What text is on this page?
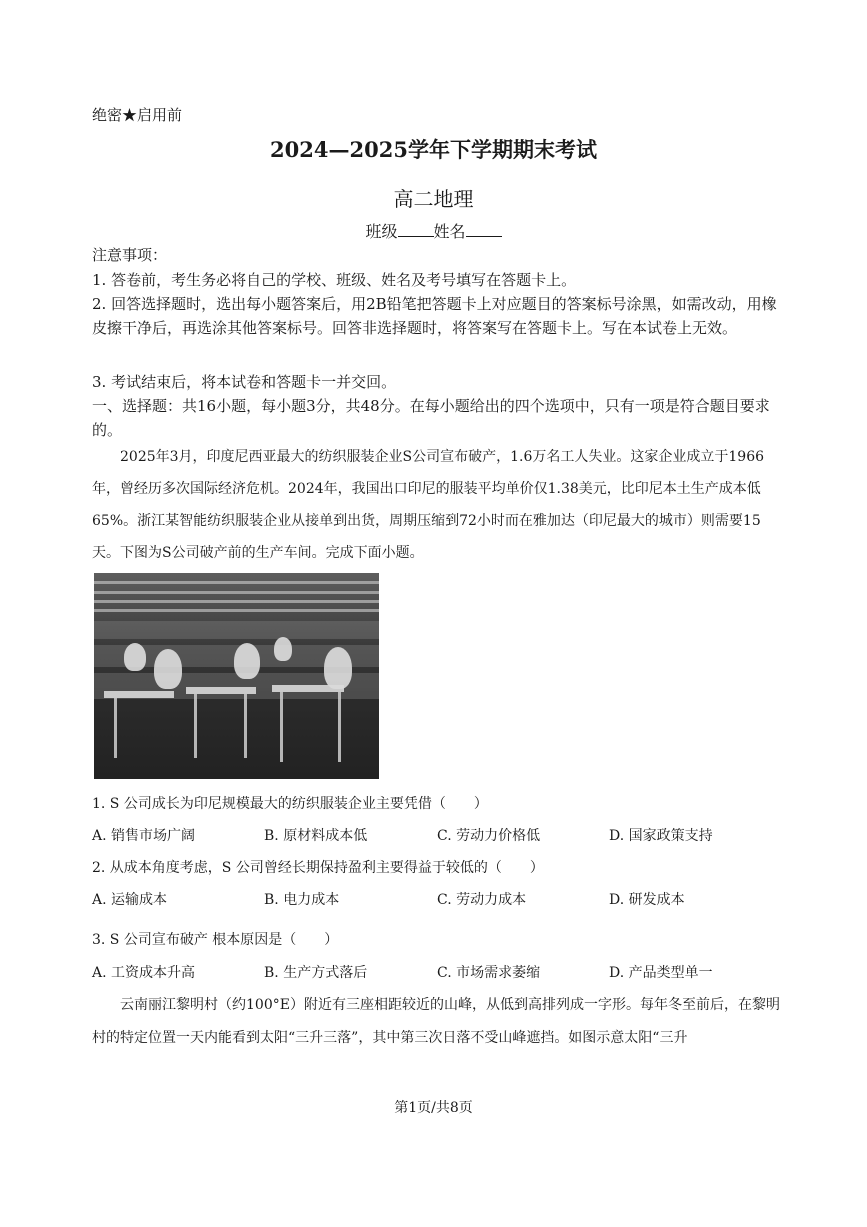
绝密★启用前
2024—2025学年下学期期末考试
高二地理
班级 姓名
注意事项：
1. 答卷前，考生务必将自己的学校、班级、姓名及考号填写在答题卡上。
2. 回答选择题时，选出每小题答案后，用2B铅笔把答题卡上对应题目的答案标号涂黑，如需改动，用橡皮擦干净后，再选涂其他答案标号。回答非选择题时，将答案写在答题卡上。写在本试卷上无效。
3. 考试结束后，将本试卷和答题卡一并交回。
一、选择题：共16小题，每小题3分，共48分。在每小题给出的四个选项中，只有一项是符合题目要求的。
2025年3月，印度尼西亚最大的纺织服装企业S公司宣布破产，1.6万名工人失业。这家企业成立于1966年，曾经历多次国际经济危机。2024年，我国出口印尼的服装平均单价仅1.38美元，比印尼本土生产成本低65%。浙江某智能纺织服装企业从接单到出货，周期压缩到72小时而在雅加达（印尼最大的城市）则需要15天。下图为S公司破产前的生产车间。完成下面小题。
1. S 公司成长为印尼规模最大的纺织服装企业主要凭借（　　）
A. 销售市场广阔	B. 原材料成本低	C. 劳动力价格低	D. 国家政策支持
2. 从成本角度考虑，S 公司曾经长期保持盈利主要得益于较低的（　　）
A. 运输成本	B. 电力成本	C. 劳动力成本	D. 研发成本
3. S 公司宣布破产 根本原因是（　　）
A. 工资成本升高	B. 生产方式落后	C. 市场需求萎缩	D. 产品类型单一
云南丽江黎明村（约100°E）附近有三座相距较近的山峰，从低到高排列成一字形。每年冬至前后，在黎明村的特定位置一天内能看到太阳“三升三落”，其中第三次日落不受山峰遮挡。如图示意太阳“三升
第1页/共8页
